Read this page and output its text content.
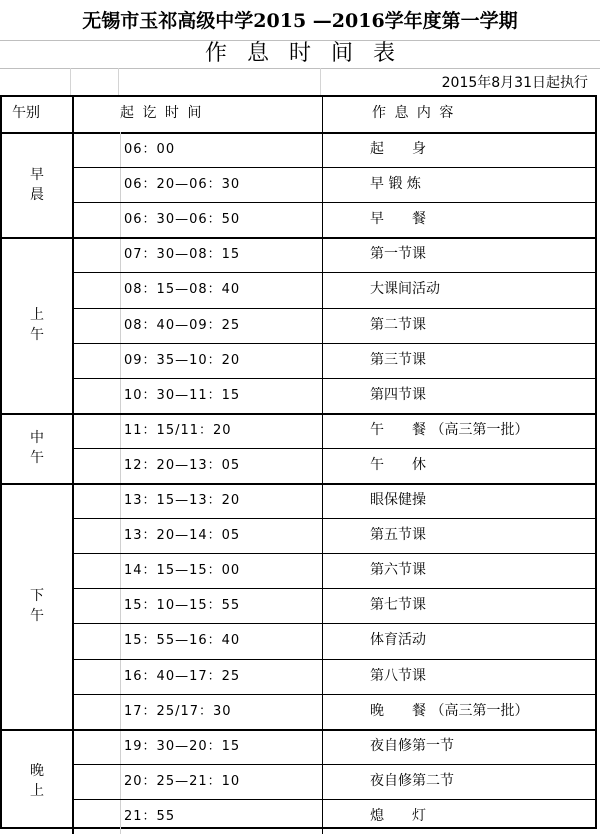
无锡市玉祁高级中学2015 —2016学年度第一学期
作息时间表
2015年8月31日起执行
午别	起 讫 时 间	作 息 内 容
早
晨
06：00	起　　身
06：20—06：30	早 锻 炼
06：30—06：50	早　　餐
上
午
07：30—08：15	第一节课
08：15—08：40	大课间活动
08：40—09：25	第二节课
09：35—10：20	第三节课
10：30—11：15	第四节课
中
午
11：15/11：20	午　　餐 （高三第一批）
12：20—13：05	午　　休
下
午
13：15—13：20	眼保健操
13：20—14：05	第五节课
14：15—15：00	第六节课
15：10—15：55	第七节课
15：55—16：40	体育活动
16：40—17：25	第八节课
17：25/17：30	晚　　餐 （高三第一批）
晚
上
19：30—20：15	夜自修第一节
20：25—21：10	夜自修第二节
21：55	熄　　灯
